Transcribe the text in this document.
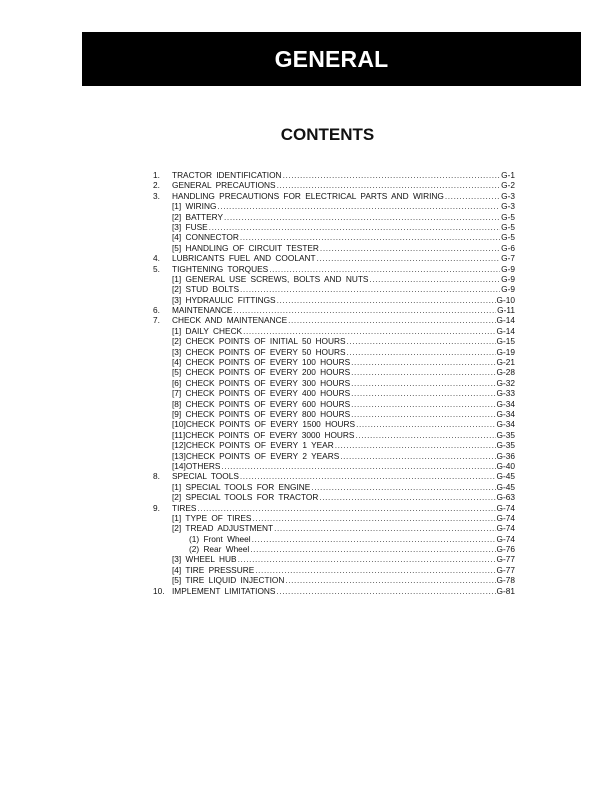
GENERAL
CONTENTS
1.	TRACTOR IDENTIFICATION .....	G-1
2.	GENERAL PRECAUTIONS .....	G-2
3.	HANDLING PRECAUTIONS FOR ELECTRICAL PARTS AND WIRING .....	G-3
[1] WIRING .....	G-3
[2] BATTERY .....	G-5
[3] FUSE .....	G-5
[4] CONNECTOR .....	G-5
[5] HANDLING OF CIRCUIT TESTER .....	G-6
4.	LUBRICANTS FUEL AND COOLANT .....	G-7
5.	TIGHTENING TORQUES .....	G-9
[1] GENERAL USE SCREWS, BOLTS AND NUTS .....	G-9
[2] STUD BOLTS .....	G-9
[3] HYDRAULIC FITTINGS .....	G-10
6.	MAINTENANCE .....	G-11
7.	CHECK AND MAINTENANCE .....	G-14
[1] DAILY CHECK .....	G-14
[2] CHECK POINTS OF INITIAL 50 HOURS .....	G-15
[3] CHECK POINTS OF EVERY 50 HOURS .....	G-19
[4] CHECK POINTS OF EVERY 100 HOURS .....	G-21
[5] CHECK POINTS OF EVERY 200 HOURS .....	G-28
[6] CHECK POINTS OF EVERY 300 HOURS .....	G-32
[7] CHECK POINTS OF EVERY 400 HOURS .....	G-33
[8] CHECK POINTS OF EVERY 600 HOURS .....	G-34
[9] CHECK POINTS OF EVERY 800 HOURS .....	G-34
[10]CHECK POINTS OF EVERY 1500 HOURS .....	G-34
[11]CHECK POINTS OF EVERY 3000 HOURS .....	G-35
[12]CHECK POINTS OF EVERY 1 YEAR .....	G-35
[13]CHECK POINTS OF EVERY 2 YEARS .....	G-36
[14]OTHERS .....	G-40
8.	SPECIAL TOOLS .....	G-45
[1] SPECIAL TOOLS FOR ENGINE .....	G-45
[2] SPECIAL TOOLS FOR TRACTOR .....	G-63
9.	TIRES .....	G-74
[1] TYPE OF TIRES .....	G-74
[2] TREAD ADJUSTMENT .....	G-74
(1) Front Wheel .....	G-74
(2) Rear Wheel .....	G-76
[3] WHEEL HUB .....	G-77
[4] TIRE PRESSURE .....	G-77
[5] TIRE LIQUID INJECTION .....	G-78
10. IMPLEMENT LIMITATIONS .....	G-81
